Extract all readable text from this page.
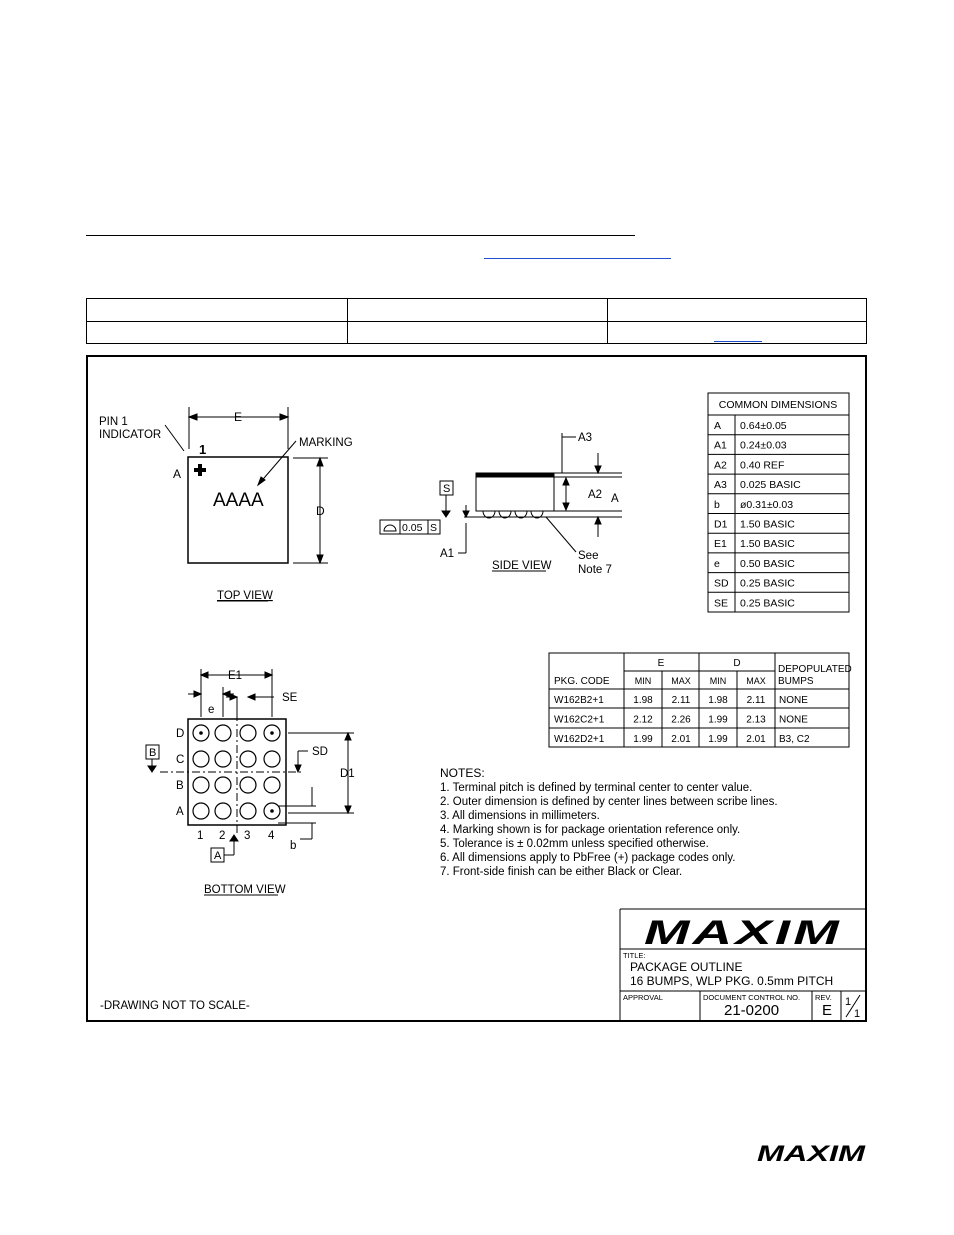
E
D
PIN 1
INDICATOR
1
A
AAAA
MARKING
TOP VIEW
A3
A2 A
S
A1
0.05 S
See
Note 7
SIDE VIEW
COMMON DIMENSIONS
A 0.64±0.05
A1 0.24±0.03
A2 0.40 REF
A3 0.025 BASIC
b ø0.31±0.03
D1 1.50 BASIC
E1 1.50 BASIC
e 0.50 BASIC
SD 0.25 BASIC
SE 0.25 BASIC
PKG. CODE
E	D
DEPOPULATED
BUMPS
MIN MAX MIN MAX
W162B2+1	1.98 2.11 1.98 2.11 NONE
W162C2+1	2.12 2.26 1.99 2.13 NONE
W162D2+1	1.99 2.01 1.99 2.01 B3, C2
E1
e
SE
SD
D1
b
B
A
D
C
B
A
1 2 3 4
BOTTOM VIEW
NOTES:
1. Terminal pitch is defined by terminal center to center value.
2. Outer dimension is defined by center lines between scribe lines.
3. All dimensions in millimeters.
4. Marking shown is for package orientation reference only.
5. Tolerance is ± 0.02mm unless specified otherwise.
6. All dimensions apply to PbFree (+) package codes only.
7. Front-side finish can be either Black or Clear.
MAXIM
TITLE:
PACKAGE OUTLINE
16 BUMPS, WLP PKG. 0.5mm PITCH
APPROVAL	DOCUMENT CONTROL NO.
21-0200
REV.
E 1
1
-DRAWING NOT TO SCALE-
MAXIM
